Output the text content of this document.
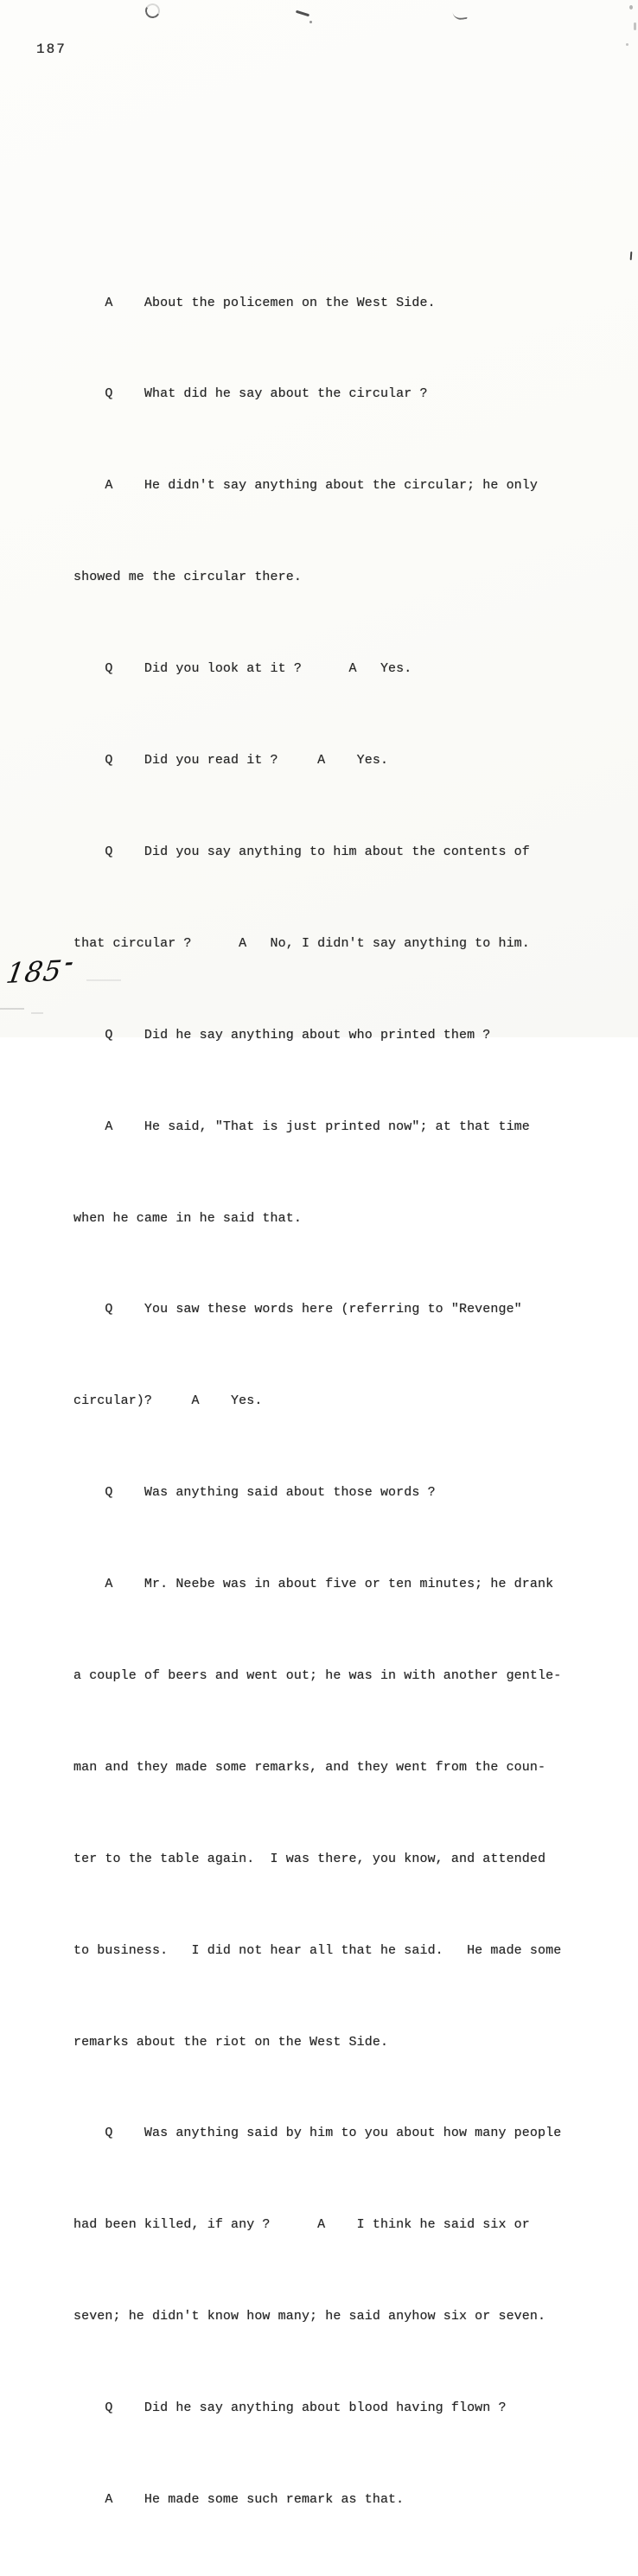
187

A    About the policemen on the West Side.

Q    What did he say about the circular ?

A    He didn't say anything about the circular; he only

showed me the circular there.

Q    Did you look at it ?      A   Yes.

Q    Did you read it ?     A    Yes.

Q    Did you say anything to him about the contents of

that circular ?      A   No, I didn't say anything to him.

Q    Did he say anything about who printed them ?

A    He said, "That is just printed now"; at that time

when he came in he said that.

Q    You saw these words here (referring to "Revenge"

circular)?     A    Yes.

Q    Was anything said about those words ?

A    Mr. Neebe was in about five or ten minutes; he drank

a couple of beers and went out; he was in with another gentle-

man and they made some remarks, and they went from the coun-

ter to the table again.  I was there, you know, and attended

to business.   I did not hear all that he said.   He made some

remarks about the riot on the West Side.

Q    Was anything said by him to you about how many people

had been killed, if any ?      A    I think he said six or

seven; he didn't know how many; he said anyhow six or seven.

Q    Did he say anything about blood having flown ?

A    He made some such remark as that.

185-
